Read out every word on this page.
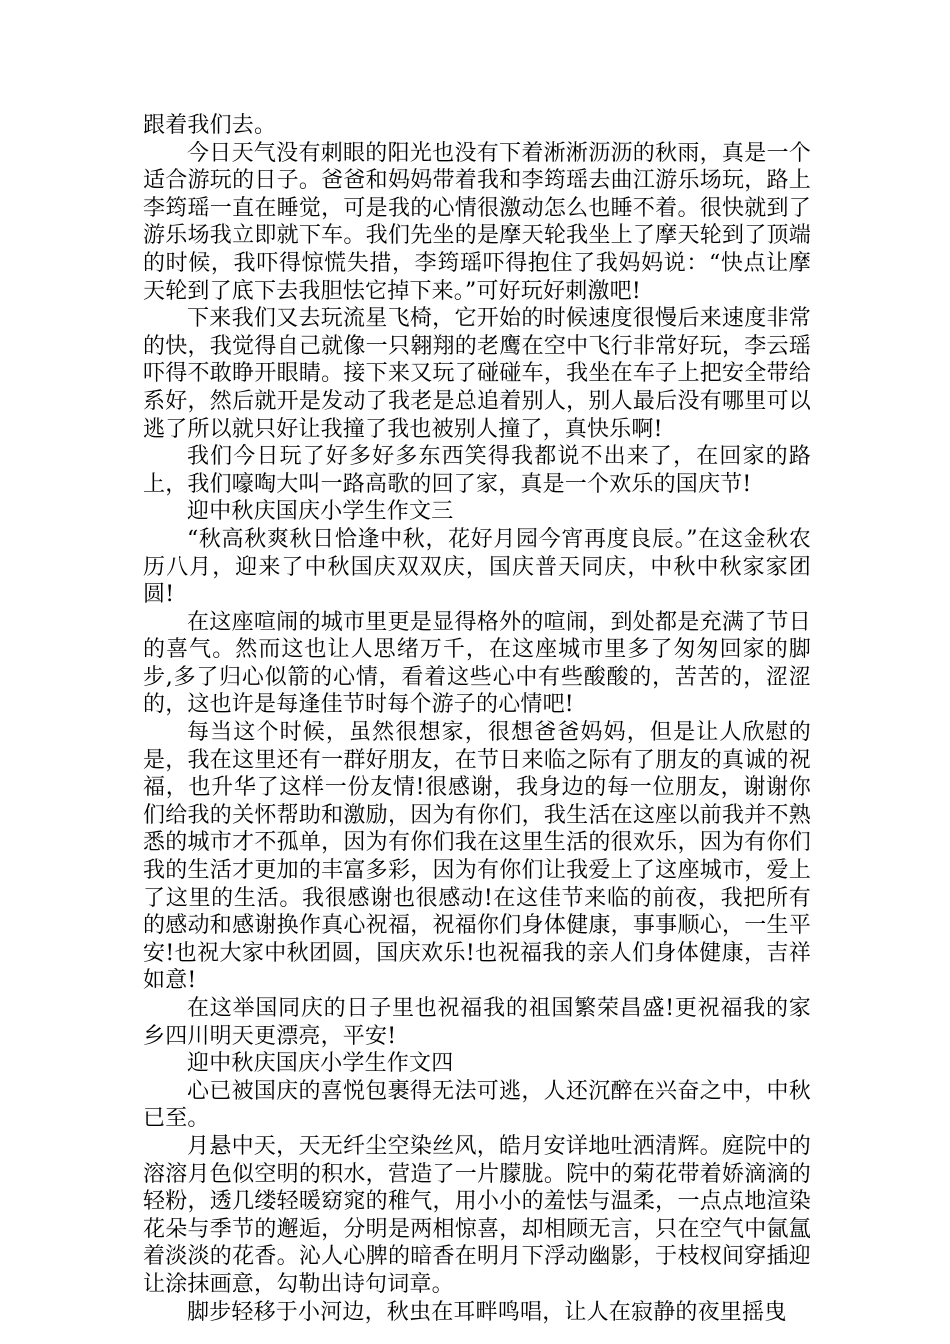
跟着我们去。

今日天气没有刺眼的阳光也没有下着淅淅沥沥的秋雨，真是一个适合游玩的日子。爸爸和妈妈带着我和李筠瑶去曲江游乐场玩，路上李筠瑶一直在睡觉，可是我的心情很激动怎么也睡不着。很快就到了游乐场我立即就下车。我们先坐的是摩天轮我坐上了摩天轮到了顶端的时候，我吓得惊慌失措，李筠瑶吓得抱住了我妈妈说：“快点让摩天轮到了底下去我胆怯它掉下来。”可好玩好刺激吧!

下来我们又去玩流星飞椅，它开始的时候速度很慢后来速度非常的快，我觉得自己就像一只翱翔的老鹰在空中飞行非常好玩，李云瑶吓得不敢睁开眼睛。接下来又玩了碰碰车，我坐在车子上把安全带给系好，然后就开是发动了我老是总追着别人，别人最后没有哪里可以逃了所以就只好让我撞了我也被别人撞了，真快乐啊!

我们今日玩了好多好多东西笑得我都说不出来了，在回家的路上，我们嚎啕大叫一路高歌的回了家，真是一个欢乐的国庆节!

迎中秋庆国庆小学生作文三

“秋高秋爽秋日恰逢中秋，花好月园今宵再度良辰。”在这金秋农历八月，迎来了中秋国庆双双庆，国庆普天同庆，中秋中秋家家团圆!

在这座喧闹的城市里更是显得格外的喧闹，到处都是充满了节日的喜气。然而这也让人思绪万千，在这座城市里多了匆匆回家的脚步,多了归心似箭的心情，看着这些心中有些酸酸的，苦苦的，涩涩的，这也许是每逢佳节时每个游子的心情吧!

每当这个时候，虽然很想家，很想爸爸妈妈，但是让人欣慰的是，我在这里还有一群好朋友，在节日来临之际有了朋友的真诚的祝福，也升华了这样一份友情!很感谢，我身边的每一位朋友，谢谢你们给我的关怀帮助和激励，因为有你们，我生活在这座以前我并不熟悉的城市才不孤单，因为有你们我在这里生活的很欢乐，因为有你们我的生活才更加的丰富多彩，因为有你们让我爱上了这座城市，爱上了这里的生活。我很感谢也很感动!在这佳节来临的前夜，我把所有的感动和感谢换作真心祝福，祝福你们身体健康，事事顺心，一生平安!也祝大家中秋团圆，国庆欢乐!也祝福我的亲人们身体健康，吉祥如意!

在这举国同庆的日子里也祝福我的祖国繁荣昌盛!更祝福我的家乡四川明天更漂亮，平安!

迎中秋庆国庆小学生作文四

心已被国庆的喜悦包裹得无法可逃，人还沉醉在兴奋之中，中秋已至。

月悬中天，天无纤尘空染丝风，皓月安详地吐洒清辉。庭院中的溶溶月色似空明的积水，营造了一片朦胧。院中的菊花带着娇滴滴的轻粉，透几缕轻暖窈窕的稚气，用小小的羞怯与温柔，一点点地渲染花朵与季节的邂逅，分明是两相惊喜，却相顾无言，只在空气中氤氲着淡淡的花香。沁人心脾的暗香在明月下浮动幽影，于枝杈间穿插迎让涂抹画意，勾勒出诗句词章。

脚步轻移于小河边，秋虫在耳畔鸣唱，让人在寂静的夜里摇曳
